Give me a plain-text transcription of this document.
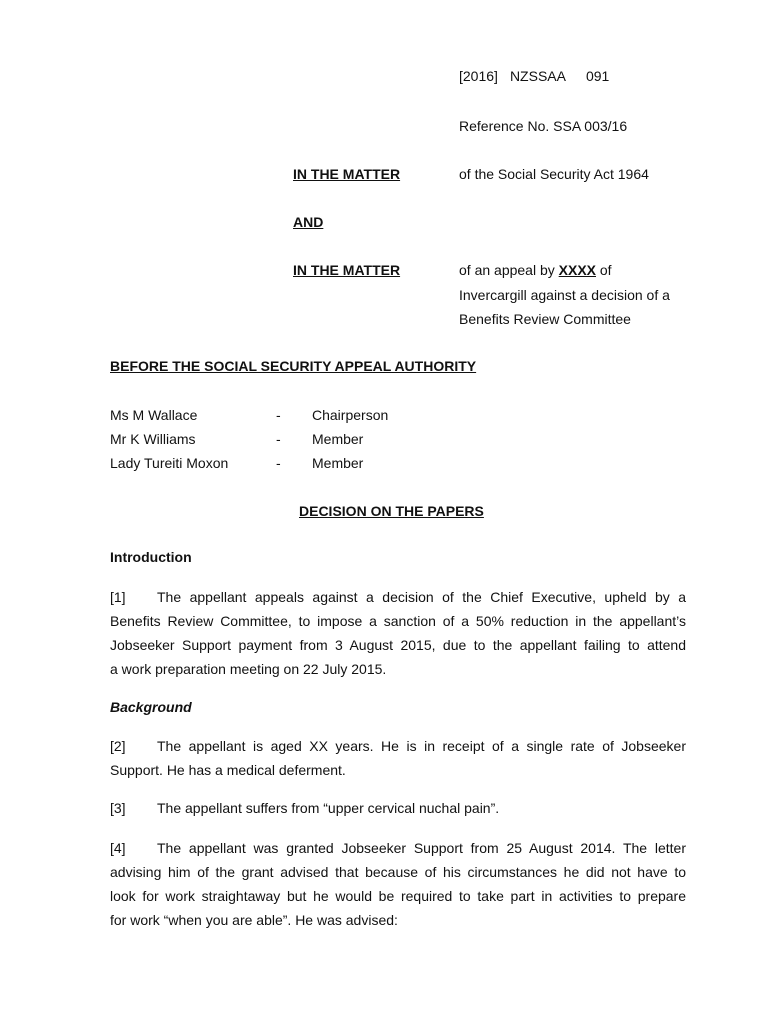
[2016] NZSSAA 091
Reference No. SSA 003/16
IN THE MATTER	of the Social Security Act 1964
AND
IN THE MATTER	of an appeal by XXXX of
Invercargill against a decision of a
Benefits Review Committee
BEFORE THE SOCIAL SECURITY APPEAL AUTHORITY
Ms M Wallace	- Chairperson
Mr K Williams	- Member
Lady Tureiti Moxon	- Member
DECISION ON THE PAPERS
Introduction
[1] The appellant appeals against a decision of the Chief Executive, upheld by a
Benefits Review Committee, to impose a sanction of a 50% reduction in the appellant’s
Jobseeker Support payment from 3 August 2015, due to the appellant failing to attend
a work preparation meeting on 22 July 2015.
Background
[2] The appellant is aged XX years. He is in receipt of a single rate of Jobseeker
Support. He has a medical deferment.
[3] The appellant suffers from “upper cervical nuchal pain”.
[4] The appellant was granted Jobseeker Support from 25 August 2014. The letter
advising him of the grant advised that because of his circumstances he did not have to
look for work straightaway but he would be required to take part in activities to prepare
for work “when you are able”. He was advised:
